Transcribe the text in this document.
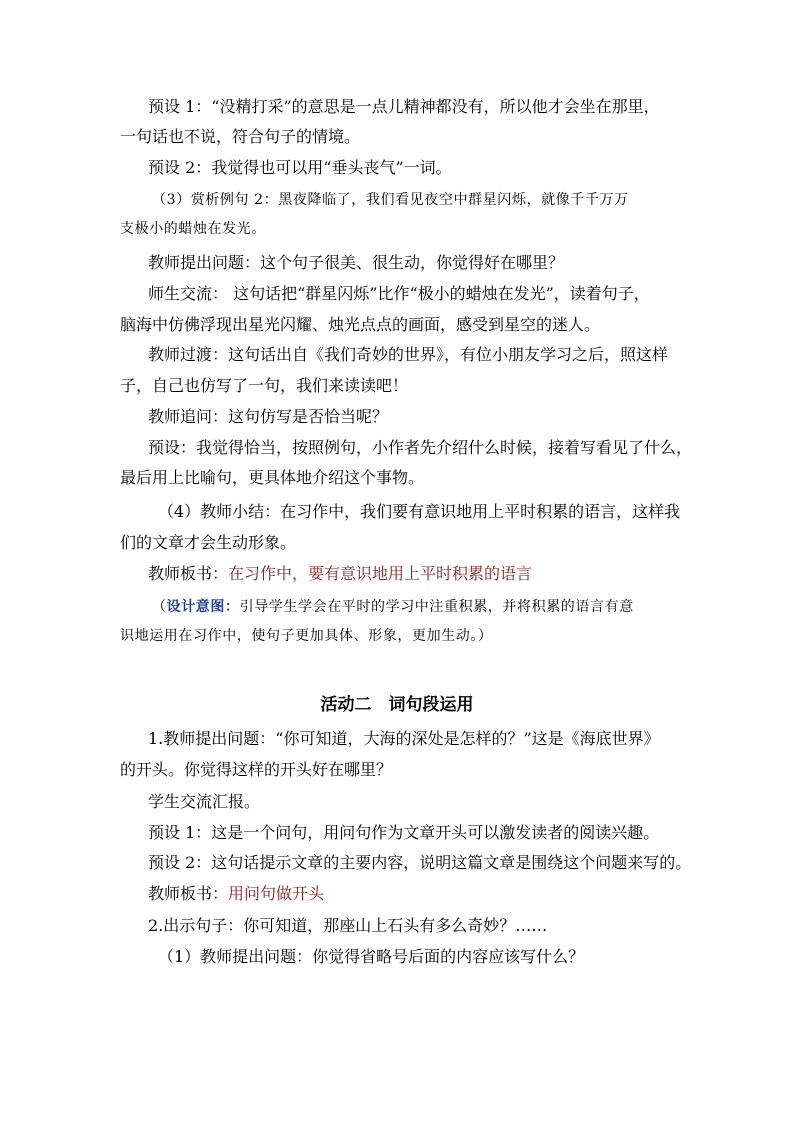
预设 1：“没精打采”的意思是一点儿精神都没有，所以他才会坐在那里，
一句话也不说，符合句子的情境。
预设 2：我觉得也可以用“垂头丧气”一词。
（3）赏析例句 2：黑夜降临了，我们看见夜空中群星闪烁，就像千千万万
支极小的蜡烛在发光。
教师提出问题：这个句子很美、很生动，你觉得好在哪里？
师生交流： 这句话把“群星闪烁”比作“极小的蜡烛在发光”，读着句子，
脑海中仿佛浮现出星光闪耀、烛光点点的画面，感受到星空的迷人。
教师过渡：这句话出自《我们奇妙的世界》，有位小朋友学习之后，照这样
子，自己也仿写了一句，我们来读读吧！
教师追问：这句仿写是否恰当呢？
预设：我觉得恰当，按照例句，小作者先介绍什么时候，接着写看见了什么，
最后用上比喻句，更具体地介绍这个事物。
（4）教师小结：在习作中，我们要有意识地用上平时积累的语言，这样我
们的文章才会生动形象。
教师板书：在习作中，要有意识地用上平时积累的语言
（设计意图：引导学生学会在平时的学习中注重积累，并将积累的语言有意
识地运用在习作中，使句子更加具体、形象，更加生动。）
活动二　词句段运用
1.教师提出问题：“你可知道，大海的深处是怎样的？”这是《海底世界》
的开头。你觉得这样的开头好在哪里？
学生交流汇报。
预设 1：这是一个问句，用问句作为文章开头可以激发读者的阅读兴趣。
预设 2：这句话提示文章的主要内容，说明这篇文章是围绕这个问题来写的。
教师板书：用问句做开头
2.出示句子：你可知道，那座山上石头有多么奇妙？……
（1）教师提出问题：你觉得省略号后面的内容应该写什么？
